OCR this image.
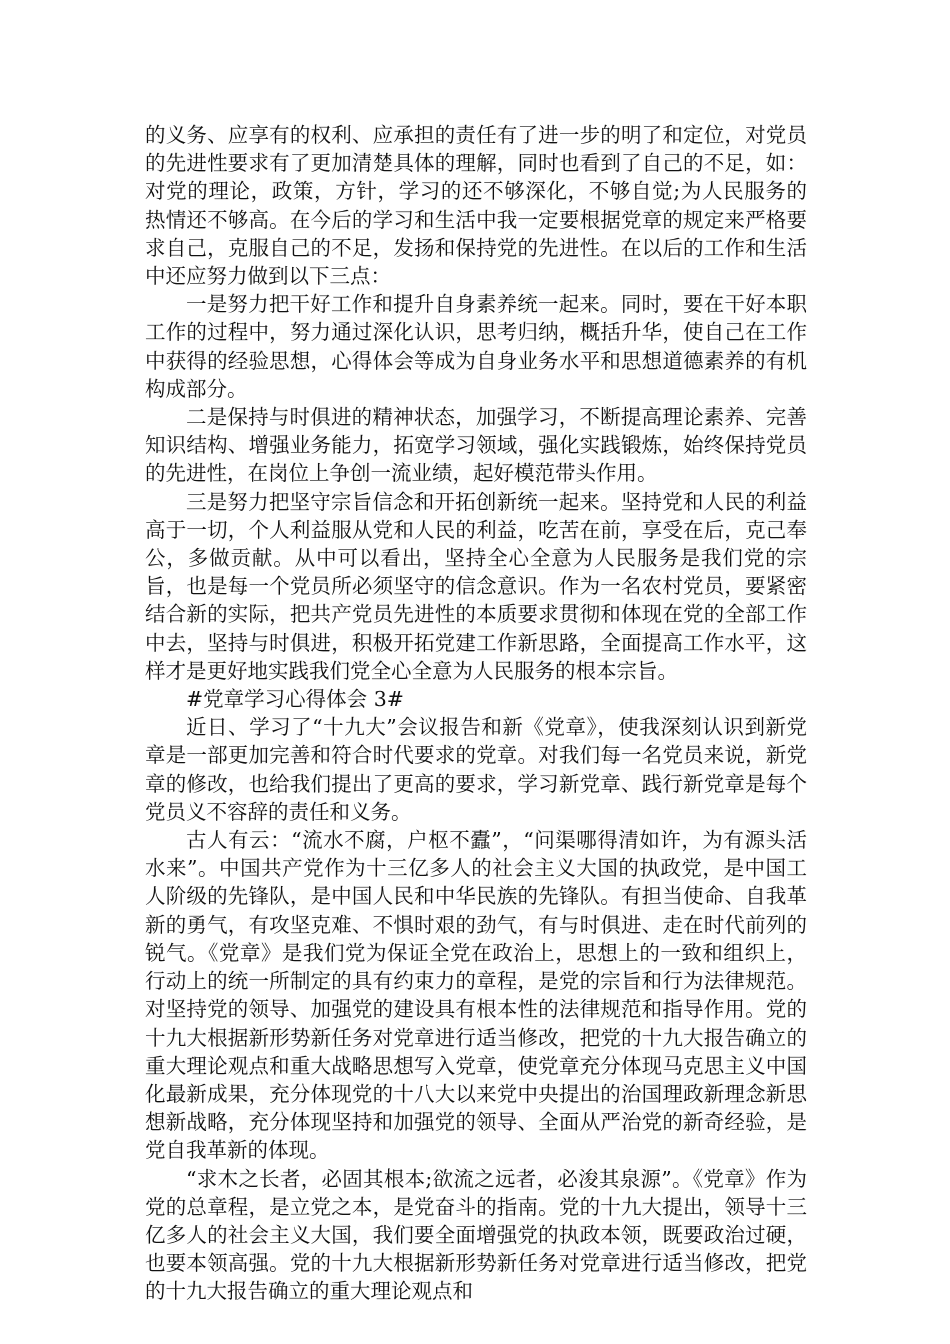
的义务、应享有的权利、应承担的责任有了进一步的明了和定位，对党员的先进性要求有了更加清楚具体的理解，同时也看到了自己的不足，如：对党的理论，政策，方针，学习的还不够深化，不够自觉;为人民服务的热情还不够高。在今后的学习和生活中我一定要根据党章的规定来严格要求自己，克服自己的不足，发扬和保持党的先进性。在以后的工作和生活中还应努力做到以下三点：

一是努力把干好工作和提升自身素养统一起来。同时，要在干好本职工作的过程中，努力通过深化认识，思考归纳，概括升华，使自己在工作中获得的经验思想，心得体会等成为自身业务水平和思想道德素养的有机构成部分。

二是保持与时俱进的精神状态，加强学习，不断提高理论素养、完善知识结构、增强业务能力，拓宽学习领域，强化实践锻炼，始终保持党员的先进性，在岗位上争创一流业绩，起好模范带头作用。

三是努力把坚守宗旨信念和开拓创新统一起来。坚持党和人民的利益高于一切，个人利益服从党和人民的利益，吃苦在前，享受在后，克己奉公，多做贡献。从中可以看出，坚持全心全意为人民服务是我们党的宗旨，也是每一个党员所必须坚守的信念意识。作为一名农村党员，要紧密结合新的实际，把共产党员先进性的本质要求贯彻和体现在党的全部工作中去，坚持与时俱进，积极开拓党建工作新思路，全面提高工作水平，这样才是更好地实践我们党全心全意为人民服务的根本宗旨。

#党章学习心得体会 3#

近日、学习了“十九大”会议报告和新《党章》，使我深刻认识到新党章是一部更加完善和符合时代要求的党章。对我们每一名党员来说，新党章的修改，也给我们提出了更高的要求，学习新党章、践行新党章是每个党员义不容辞的责任和义务。

古人有云：“流水不腐，户枢不蠹”，“问渠哪得清如许，为有源头活水来”。中国共产党作为十三亿多人的社会主义大国的执政党，是中国工人阶级的先锋队，是中国人民和中华民族的先锋队。有担当使命、自我革新的勇气，有攻坚克难、不惧时艰的劲气，有与时俱进、走在时代前列的锐气。《党章》是我们党为保证全党在政治上，思想上的一致和组织上，行动上的统一所制定的具有约束力的章程，是党的宗旨和行为法律规范。对坚持党的领导、加强党的建设具有根本性的法律规范和指导作用。党的十九大根据新形势新任务对党章进行适当修改，把党的十九大报告确立的重大理论观点和重大战略思想写入党章，使党章充分体现马克思主义中国化最新成果，充分体现党的十八大以来党中央提出的治国理政新理念新思想新战略，充分体现坚持和加强党的领导、全面从严治党的新奇经验，是党自我革新的体现。

“求木之长者，必固其根本;欲流之远者，必浚其泉源”。《党章》作为党的总章程，是立党之本，是党奋斗的指南。党的十九大提出，领导十三亿多人的社会主义大国，我们要全面增强党的执政本领，既要政治过硬，也要本领高强。党的十九大根据新形势新任务对党章进行适当修改，把党的十九大报告确立的重大理论观点和
